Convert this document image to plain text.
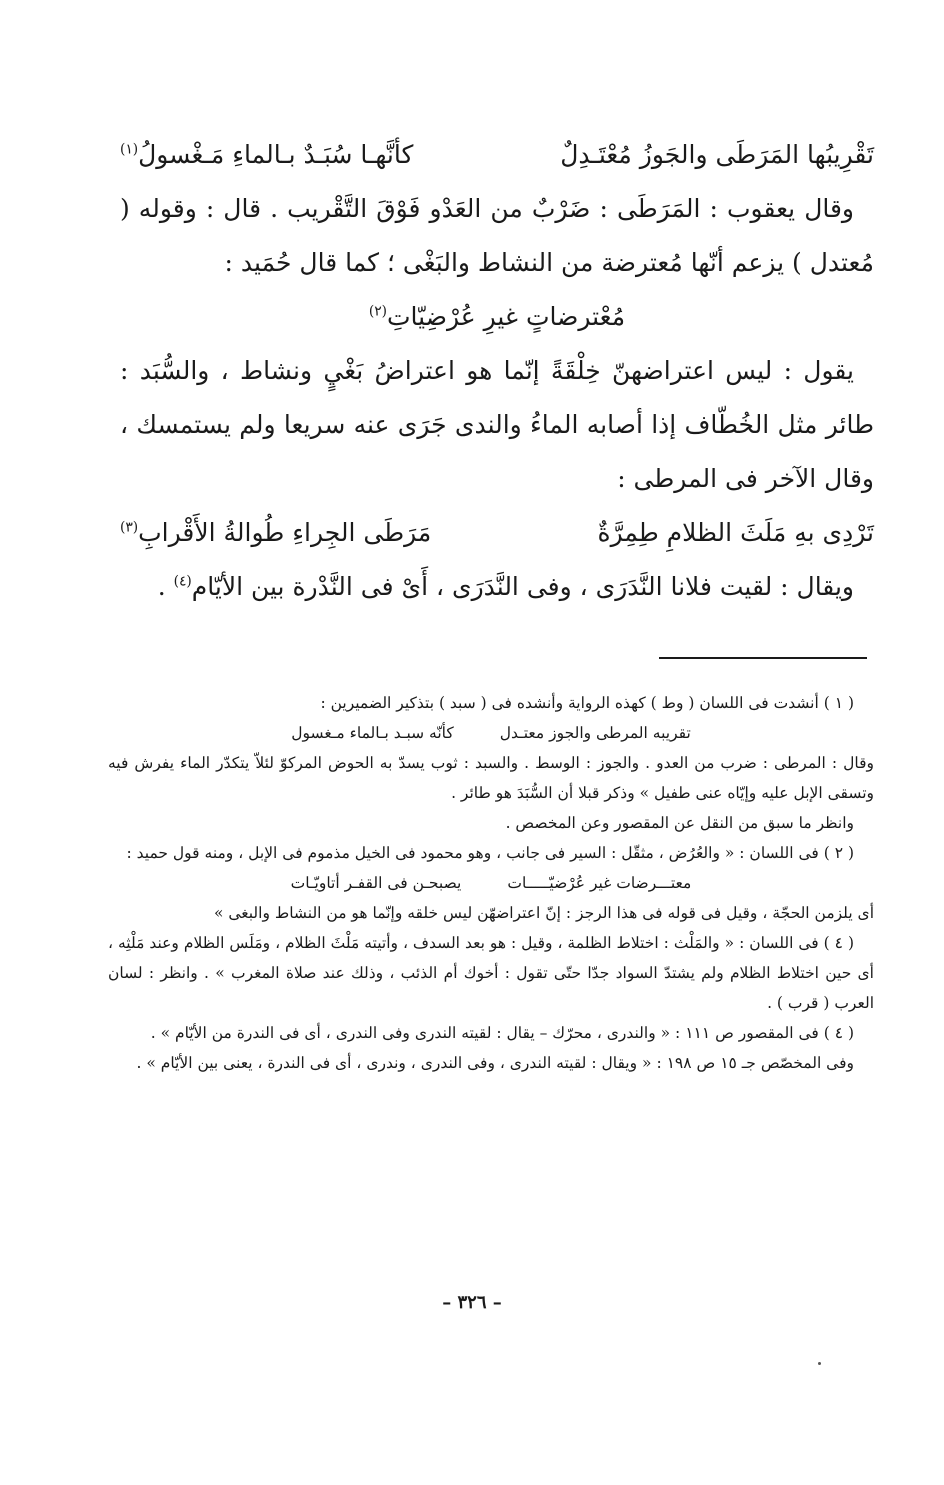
تَقْرِيبُها المَرَطَى والجَوزُ مُعْتَـدِلٌ
كأنَّهـا سُبَـدٌ بـالماءِ مَـغْسولُ$^{(١)}$

وقال يعقوب : المَرَطَى : ضَرْبٌ من العَدْو فَوْقَ التَّقْريب . قال : وقوله ( مُعتدل ) يزعم أنّها مُعترضة من النشاط والبَغْى ؛ كما قال حُمَيد :

مُعْترضاتٍ غيرِ عُرْضِيّاتِ$^{(٢)}$

يقول : ليس اعتراضهنّ خِلْقَةً إنّما هو اعتراضُ بَغْيٍ ونشاط ، والسُّبَد : طائر مثل الخُطّاف إذا أصابه الماءُ والندى جَرَى عنه سريعا ولم يستمسك ، وقال الآخر فى المرطى :

تَرْدِى بهِ مَلَثَ الظلامِ طِمِرَّةٌ
مَرَطَى الجِراءِ طُوالةُ الأَقْرابِ$^{(٣)}$

ويقال : لقيت فلانا النَّدَرَى ، وفى النَّدَرَى ، أَىْ فى النَّدْرة بين الأيّام$^{(٤)}$ .

( ١ ) أنشدت فى اللسان ( وط ) كهذه الرواية وأنشده فى ( سبد ) بتذكير الضميرين :

تقريبه المرطى والجوز معتـدل
كأنّه سبـد بـالماء مـغسول

وقال : المرطى : ضرب من العدو . والجوز : الوسط . والسبد : ثوب يسدّ به الحوض المركوّ لئلاّ يتكدّر الماء يفرش فيه وتسقى الإبل عليه وإيّاه عنى طفيل » وذكر قبلا أن السُّبَدَ هو طائر .

وانظر ما سبق من النقل عن المقصور وعن المخصص .

( ٢ ) فى اللسان : « والعُرُض ، مثقّل : السير فى جانب ، وهو محمود فى الخيل مذموم فى الإبل ، ومنه قول حميد :

معتـــرضات غير عُرْضيّـــــات
يصبحـن فى القفـر أتاويّـات

أى يلزمن الحجّة ، وقيل فى قوله فى هذا الرجز : إنّ اعتراضهّن ليس خلقه وإنّما هو من النشاط والبغى »

( ٤ ) فى اللسان : « والمَلْث : اختلاط الظلمة ، وقيل : هو بعد السدف ، وأتيته مَلْثَ الظلام ، ومَلَس الظلام وعند مَلْثِه ، أى حين اختلاط الظلام ولم يشتدّ السواد جدّا حتّى تقول : أخوك أم الذئب ، وذلك عند صلاة المغرب » . وانظر : لسان العرب ( قرب ) .

( ٤ ) فى المقصور ص ١١١ : « والندرى ، محرّك – يقال : لقيته الندرى وفى الندرى ، أى فى الندرة من الأيّام » .

وفى المخصّص جـ ١٥ ص ١٩٨ : « ويقال : لقيته الندرى ، وفى الندرى ، وندرى ، أى فى الندرة ، يعنى بين الأيّام » .

– ٣٢٦ –
